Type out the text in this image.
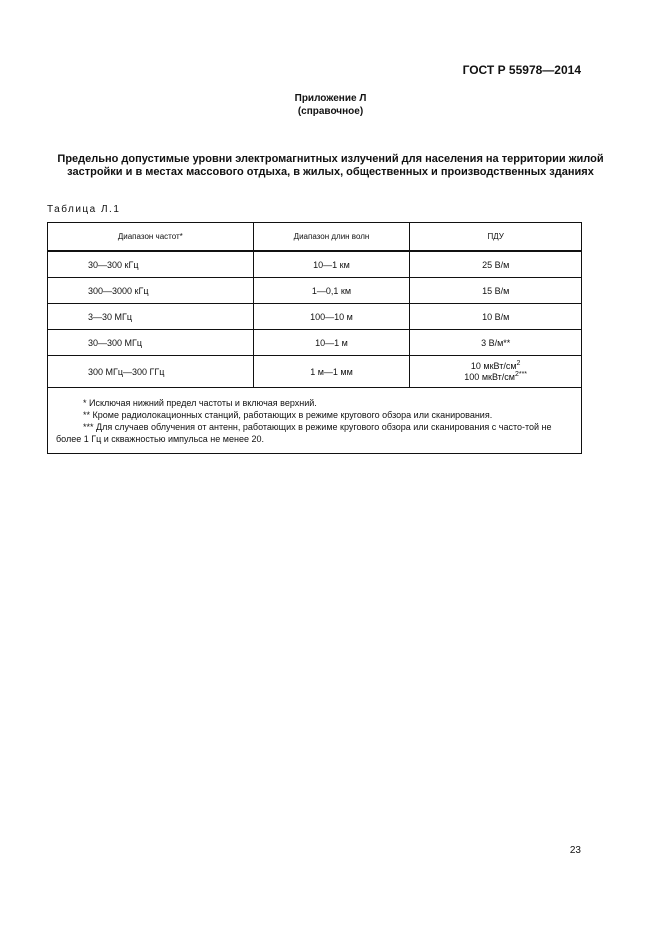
ГОСТ Р 55978—2014
Приложение Л
(справочное)
Предельно допустимые уровни электромагнитных излучений для населения на территории жилой застройки и в местах массового отдыха, в жилых, общественных и производственных зданиях
Таблица Л.1
Диапазон частот*	Диапазон длин волн	ПДУ
30—300 кГц	10—1 км	25 В/м
300—3000 кГц	1—0,1 км	15 В/м
3—30 МГц	100—10 м	10 В/м
30—300 МГц	10—1 м	3 В/м**
300 МГц—300 ГГц	1 м—1 мм	10 мкВт/$см^2$
100 мкВт/$см^{2***}$

* Исключая нижний предел частоты и включая верхний.

** Кроме радиолокационных станций, работающих в режиме кругового обзора или сканирования.

*** Для случаев облучения от антенн, работающих в режиме кругового обзора или сканирования с часто-той не более 1 Гц и скважностью импульса не менее 20.		

23
